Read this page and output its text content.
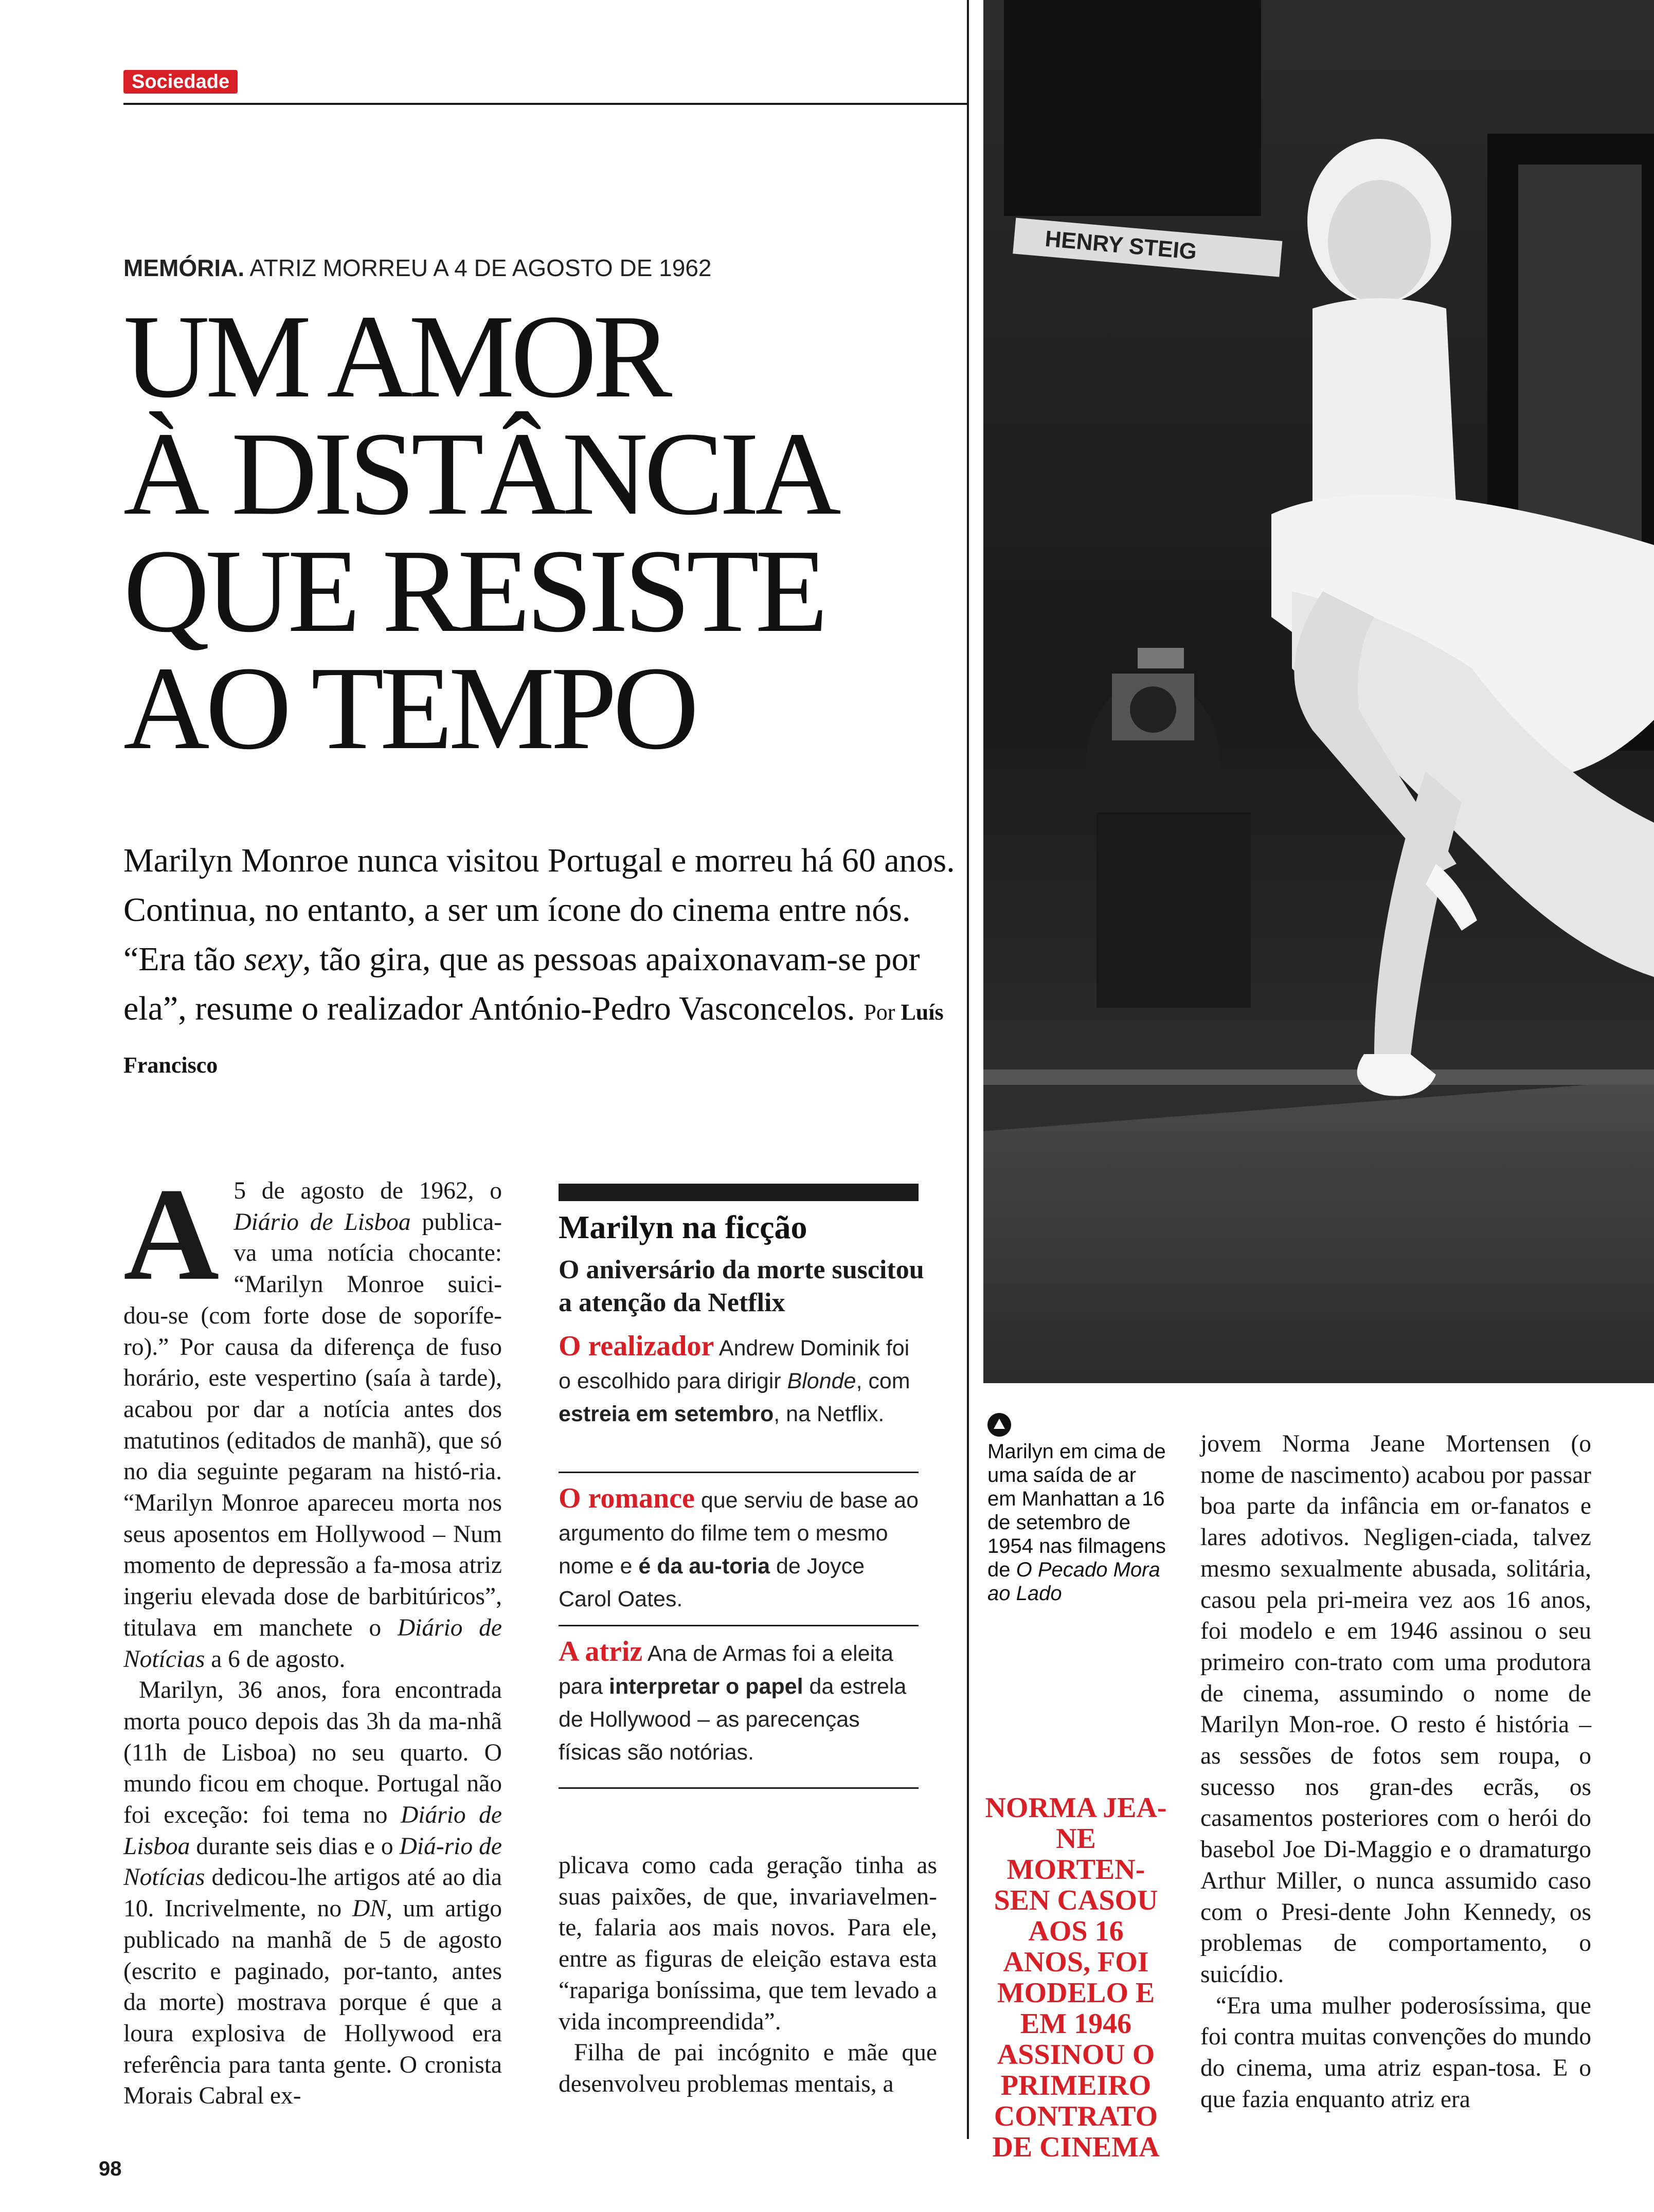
Sociedade
MEMÓRIA. ATRIZ MORREU A 4 DE AGOSTO DE 1962
UM AMOR
À DISTÂNCIA
QUE RESISTE
AO TEMPO
Marilyn Monroe nunca visitou Portugal e morreu há 60 anos. Continua, no entanto, a ser um ícone do cinema entre nós. “Era tão sexy, tão gira, que as pessoas apaixonavam-se por ela”, resume o realizador António-Pedro Vasconcelos. Por Luís Francisco
HENRY STEIG

A 5 de agosto de 1962, o Diário de Lisboa publica-va uma notícia chocante: “Marilyn Monroe suici-dou-se (com forte dose de soporífe-ro).” Por causa da diferença de fuso horário, este vespertino (saía à tarde), acabou por dar a notícia antes dos matutinos (editados de manhã), que só no dia seguinte pegaram na histó-ria. “Marilyn Monroe apareceu morta nos seus aposentos em Hollywood – Num momento de depressão a fa-mosa atriz ingeriu elevada dose de barbitúricos”, titulava em manchete o Diário de Notícias a 6 de agosto.

Marilyn, 36 anos, fora encontrada morta pouco depois das 3h da ma-nhã (11h de Lisboa) no seu quarto. O mundo ficou em choque. Portugal não foi exceção: foi tema no Diário de Lisboa durante seis dias e o Diá-rio de Notícias dedicou-lhe artigos até ao dia 10. Incrivelmente, no DN, um artigo publicado na manhã de 5 de agosto (escrito e paginado, por-tanto, antes da morte) mostrava porque é que a loura explosiva de Hollywood era referência para tanta gente. O cronista Morais Cabral ex-

Marilyn na ficção
O aniversário da morte suscitou a atenção da Netflix
O realizador Andrew Dominik foi o escolhido para dirigir Blonde, com estreia em setembro, na Netflix.
O romance que serviu de base ao argumento do filme tem o mesmo nome e é da au-toria de Joyce Carol Oates.
A atriz Ana de Armas foi a eleita para interpretar o papel da estrela de Hollywood – as parecenças físicas são notórias.

plicava como cada geração tinha as suas paixões, de que, invariavelmen-te, falaria aos mais novos. Para ele, entre as figuras de eleição estava esta “rapariga boníssima, que tem levado a vida incompreendida”.

Filha de pai incógnito e mãe que desenvolveu problemas mentais, a

Marilyn em cima de uma saída de ar em Manhattan a 16 de setembro de 1954 nas filmagens de O Pecado Mora ao Lado
NORMA JEA-NE MORTEN-SEN CASOU AOS 16 ANOS, FOI MODELO E EM 1946 ASSINOU O PRIMEIRO CONTRATO DE CINEMA

jovem Norma Jeane Mortensen (o nome de nascimento) acabou por passar boa parte da infância em or-fanatos e lares adotivos. Negligen-ciada, talvez mesmo sexualmente abusada, solitária, casou pela pri-meira vez aos 16 anos, foi modelo e em 1946 assinou o seu primeiro con-trato com uma produtora de cinema, assumindo o nome de Marilyn Mon-roe. O resto é história – as sessões de fotos sem roupa, o sucesso nos gran-des ecrãs, os casamentos posteriores com o herói do basebol Joe Di-Maggio e o dramaturgo Arthur Miller, o nunca assumido caso com o Presi-dente John Kennedy, os problemas de comportamento, o suicídio.

“Era uma mulher poderosíssima, que foi contra muitas convenções do mundo do cinema, uma atriz espan-tosa. E o que fazia enquanto atriz era

98
